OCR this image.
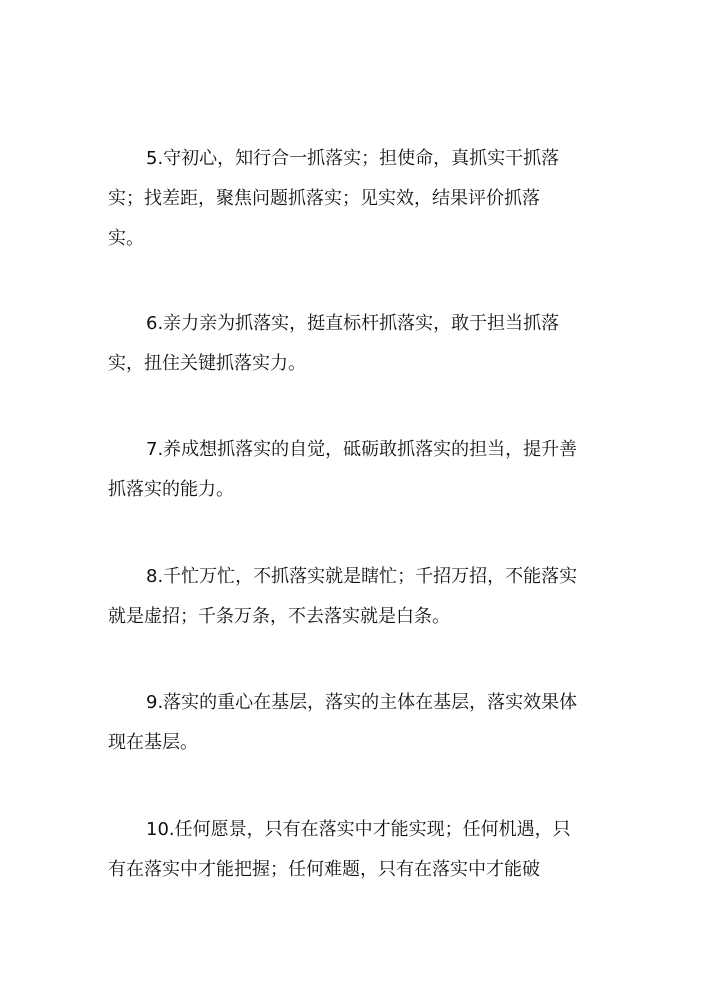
5.守初心，知行合一抓落实；担使命，真抓实干抓落
实；找差距，聚焦问题抓落实；见实效，结果评价抓落
实。
6.亲力亲为抓落实，挺直标杆抓落实，敢于担当抓落
实，扭住关键抓落实力。
7.养成想抓落实的自觉，砥砺敢抓落实的担当，提升善
抓落实的能力。
8.千忙万忙，不抓落实就是瞎忙；千招万招，不能落实
就是虚招；千条万条，不去落实就是白条。
9.落实的重心在基层，落实的主体在基层，落实效果体
现在基层。
10.任何愿景，只有在落实中才能实现；任何机遇，只
有在落实中才能把握；任何难题，只有在落实中才能破
